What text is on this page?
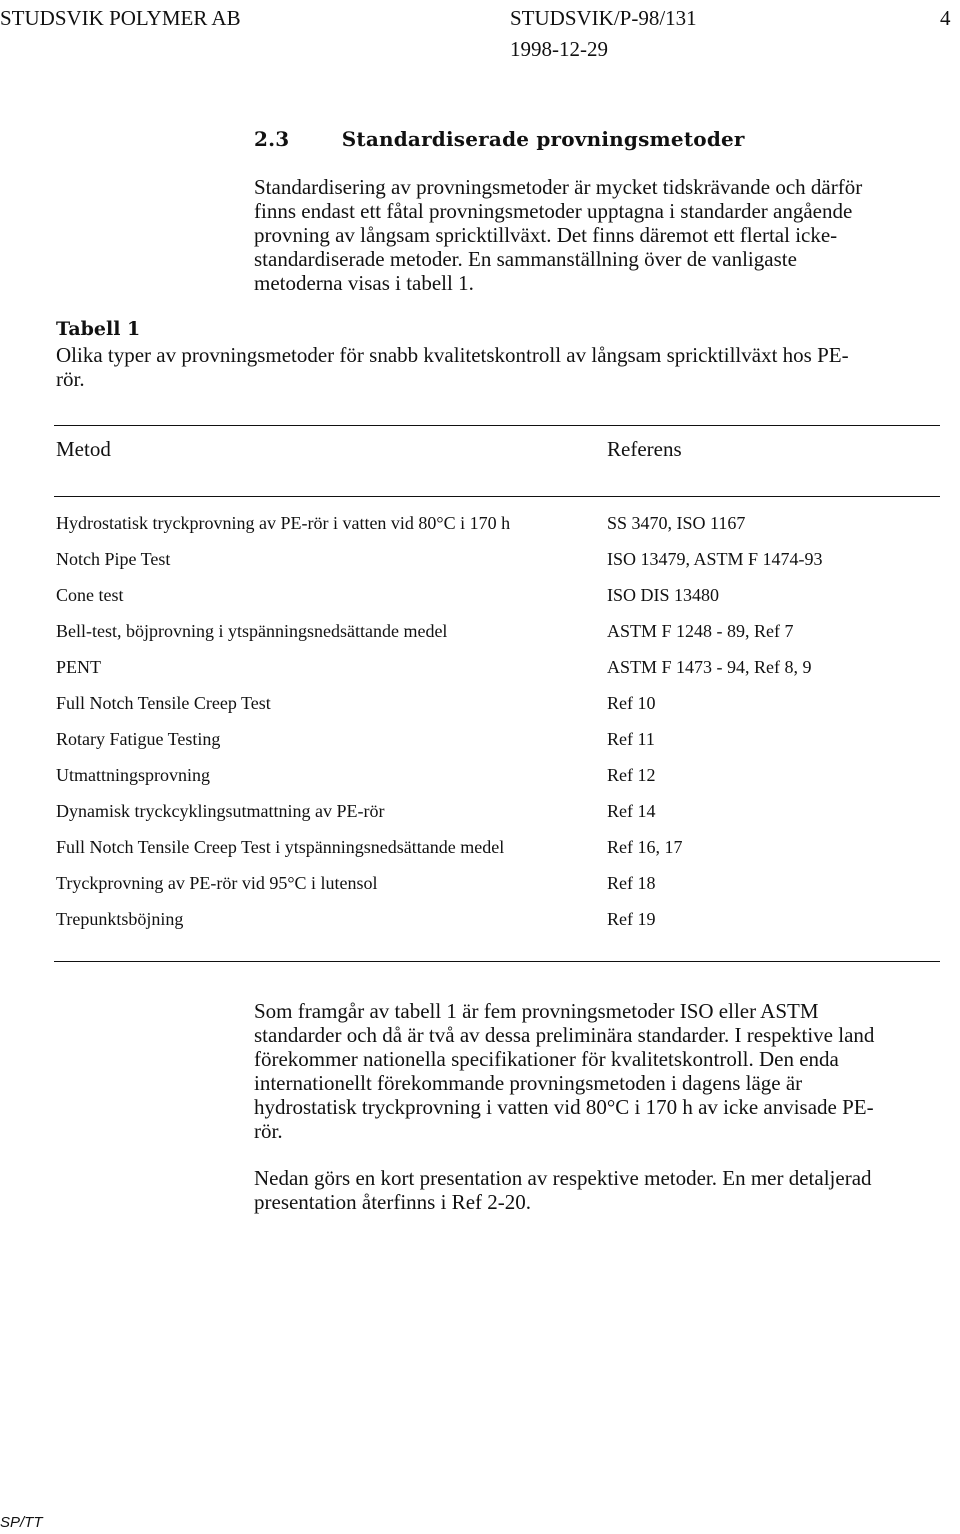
STUDSVIK POLYMER AB	STUDSVIK/P-98/131	4
1998-12-29
2.3	Standardiserade provningsmetoder
Standardisering av provningsmetoder är mycket tidskrävande och därför
finns endast ett fåtal provningsmetoder upptagna i standarder angående
provning av långsam spricktillväxt. Det finns däremot ett flertal icke-
standardiserade metoder. En sammanställning över de vanligaste
metoderna visas i tabell 1.
Tabell 1
Olika typer av provningsmetoder för snabb kvalitetskontroll av långsam spricktillväxt hos PE-
rör.
Metod	Referens
Hydrostatisk tryckprovning av PE-rör i vatten vid 80°C i 170 h	SS 3470, ISO 1167
Notch Pipe Test	ISO 13479, ASTM F 1474-93
Cone test	ISO DIS 13480
Bell-test, böjprovning i ytspänningsnedsättande medel	ASTM F 1248 - 89, Ref 7
PENT	ASTM F 1473 - 94, Ref 8, 9
Full Notch Tensile Creep Test	Ref 10
Rotary Fatigue Testing	Ref 11
Utmattningsprovning	Ref 12
Dynamisk tryckcyklingsutmattning av PE-rör	Ref 14
Full Notch Tensile Creep Test i ytspänningsnedsättande medel	Ref 16, 17
Tryckprovning av PE-rör vid 95°C i lutensol	Ref 18
Trepunktsböjning	Ref 19
Som framgår av tabell 1 är fem provningsmetoder ISO eller ASTM
standarder och då är två av dessa preliminära standarder. I respektive land
förekommer nationella specifikationer för kvalitetskontroll. Den enda
internationellt förekommande provningsmetoden i dagens läge är
hydrostatisk tryckprovning i vatten vid 80°C i 170 h av icke anvisade PE-
rör.
Nedan görs en kort presentation av respektive metoder. En mer detaljerad
presentation återfinns i Ref 2-20.
SP/TT
